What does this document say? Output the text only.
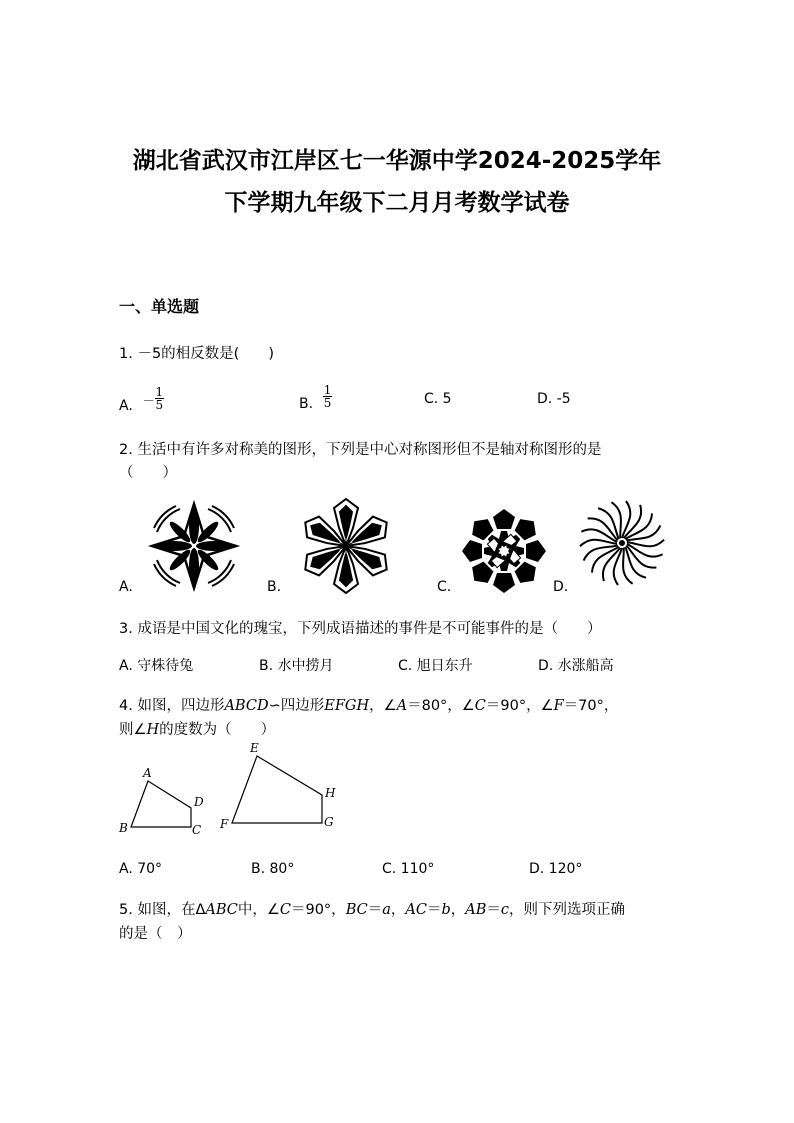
湖北省武汉市江岸区七一华源中学2024-2025学年
下学期九年级下二月月考数学试卷
一、单选题
1. －5的相反数是(　　)
A. － $\frac{1}{5}$	B. $\frac{1}{5}$	C. 5	D. -5
2. 生活中有许多对称美的图形，下列是中心对称图形但不是轴对称图形的是
（　　）
A.	B.	C.	D.
3. 成语是中国文化的瑰宝，下列成语描述的事件是不可能事件的是（　　）
A. 守株待兔	B. 水中捞月	C. 旭日东升	D. 水涨船高
4. 如图，四边形ABCD∽四边形EFGH，∠A＝80°，∠C＝90°，∠F＝70°，
则∠H的度数为（　　）
A
B	C
D
E
F	G
H
A. 70°	B. 80°	C. 110°	D. 120°
5. 如图，在ΔABC中，∠C＝90°，BC＝a，AC＝b，AB＝c，则下列选项正确
的是（　）
